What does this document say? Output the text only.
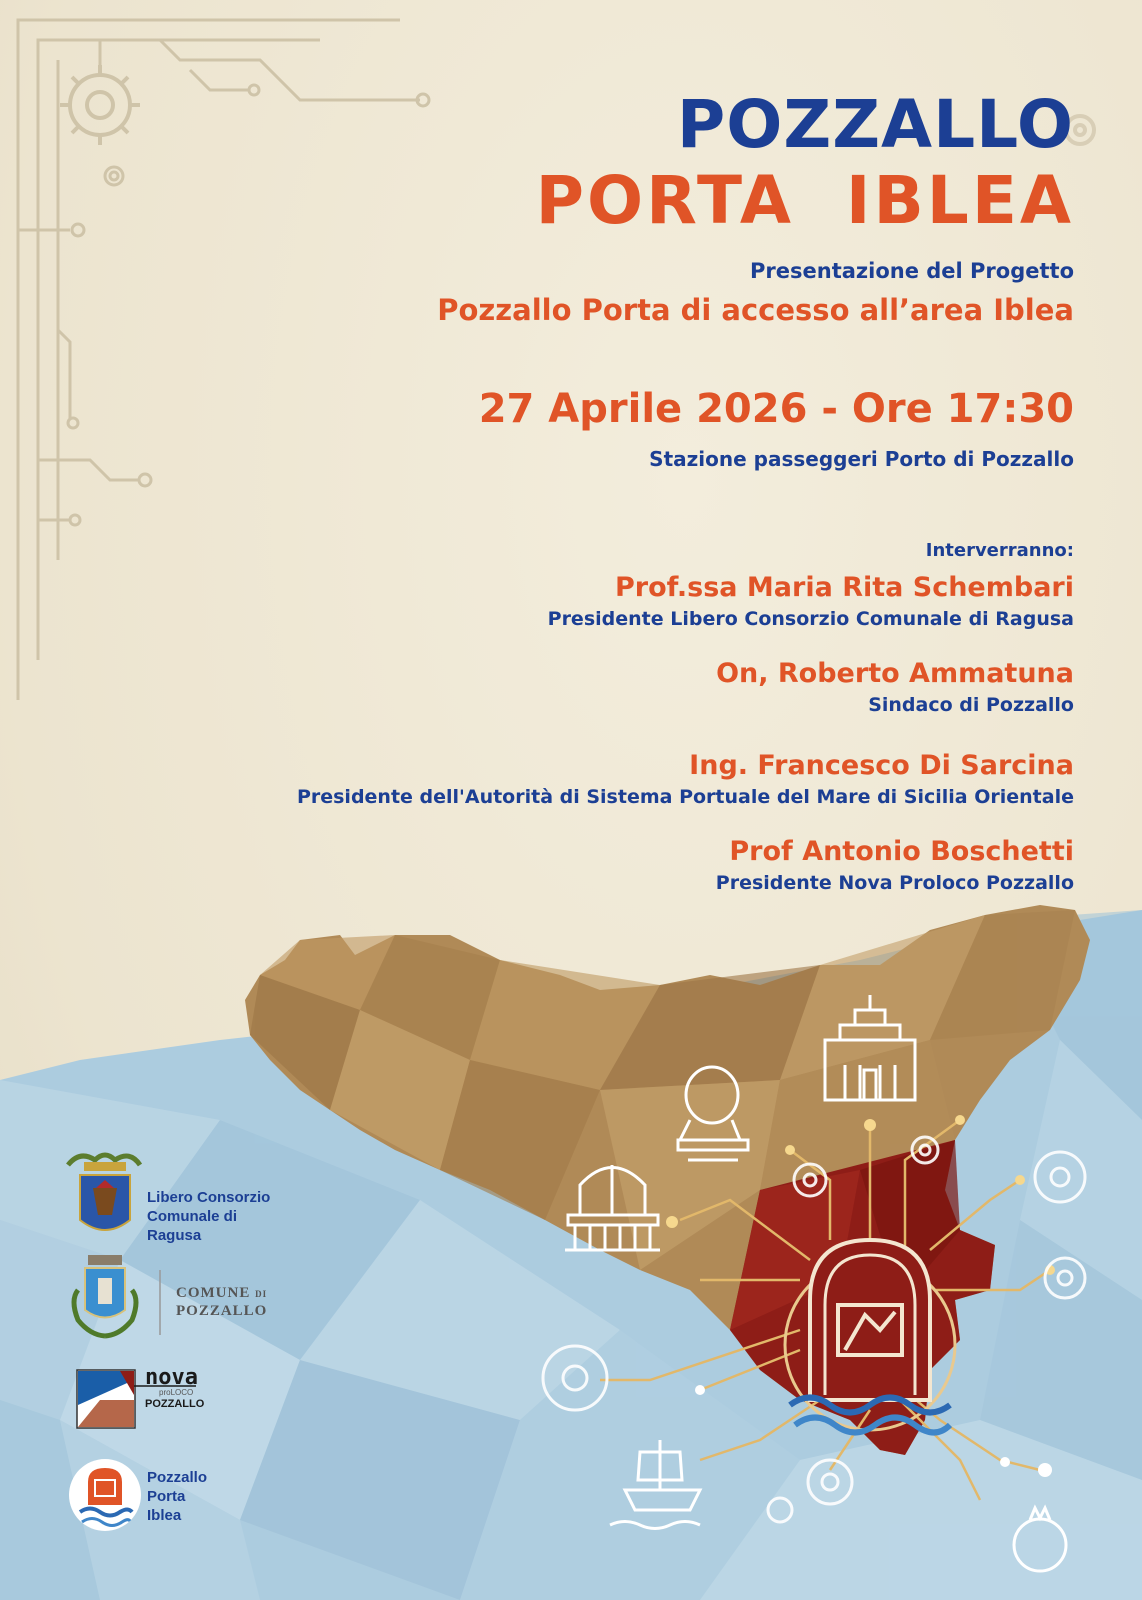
POZZALLO
PORTA  IBLEA
Presentazione del Progetto
Pozzallo Porta di accesso all’area Iblea
27 Aprile 2026 - Ore 17:30
Stazione passeggeri Porto di Pozzallo
Interverranno:
Prof.ssa Maria Rita Schembari
Presidente Libero Consorzio Comunale di Ragusa
On, Roberto Ammatuna
Sindaco di Pozzallo
Ing. Francesco Di Sarcina
Presidente dell'Autorità di Sistema Portuale del Mare di Sicilia Orientale
Prof Antonio Boschetti
Presidente Nova Proloco Pozzallo
Libero Consorzio
Comunale di
Ragusa
COMUNE DI
POZZALLO
nova
proLOCO
POZZALLO
Pozzallo
Porta
Iblea
